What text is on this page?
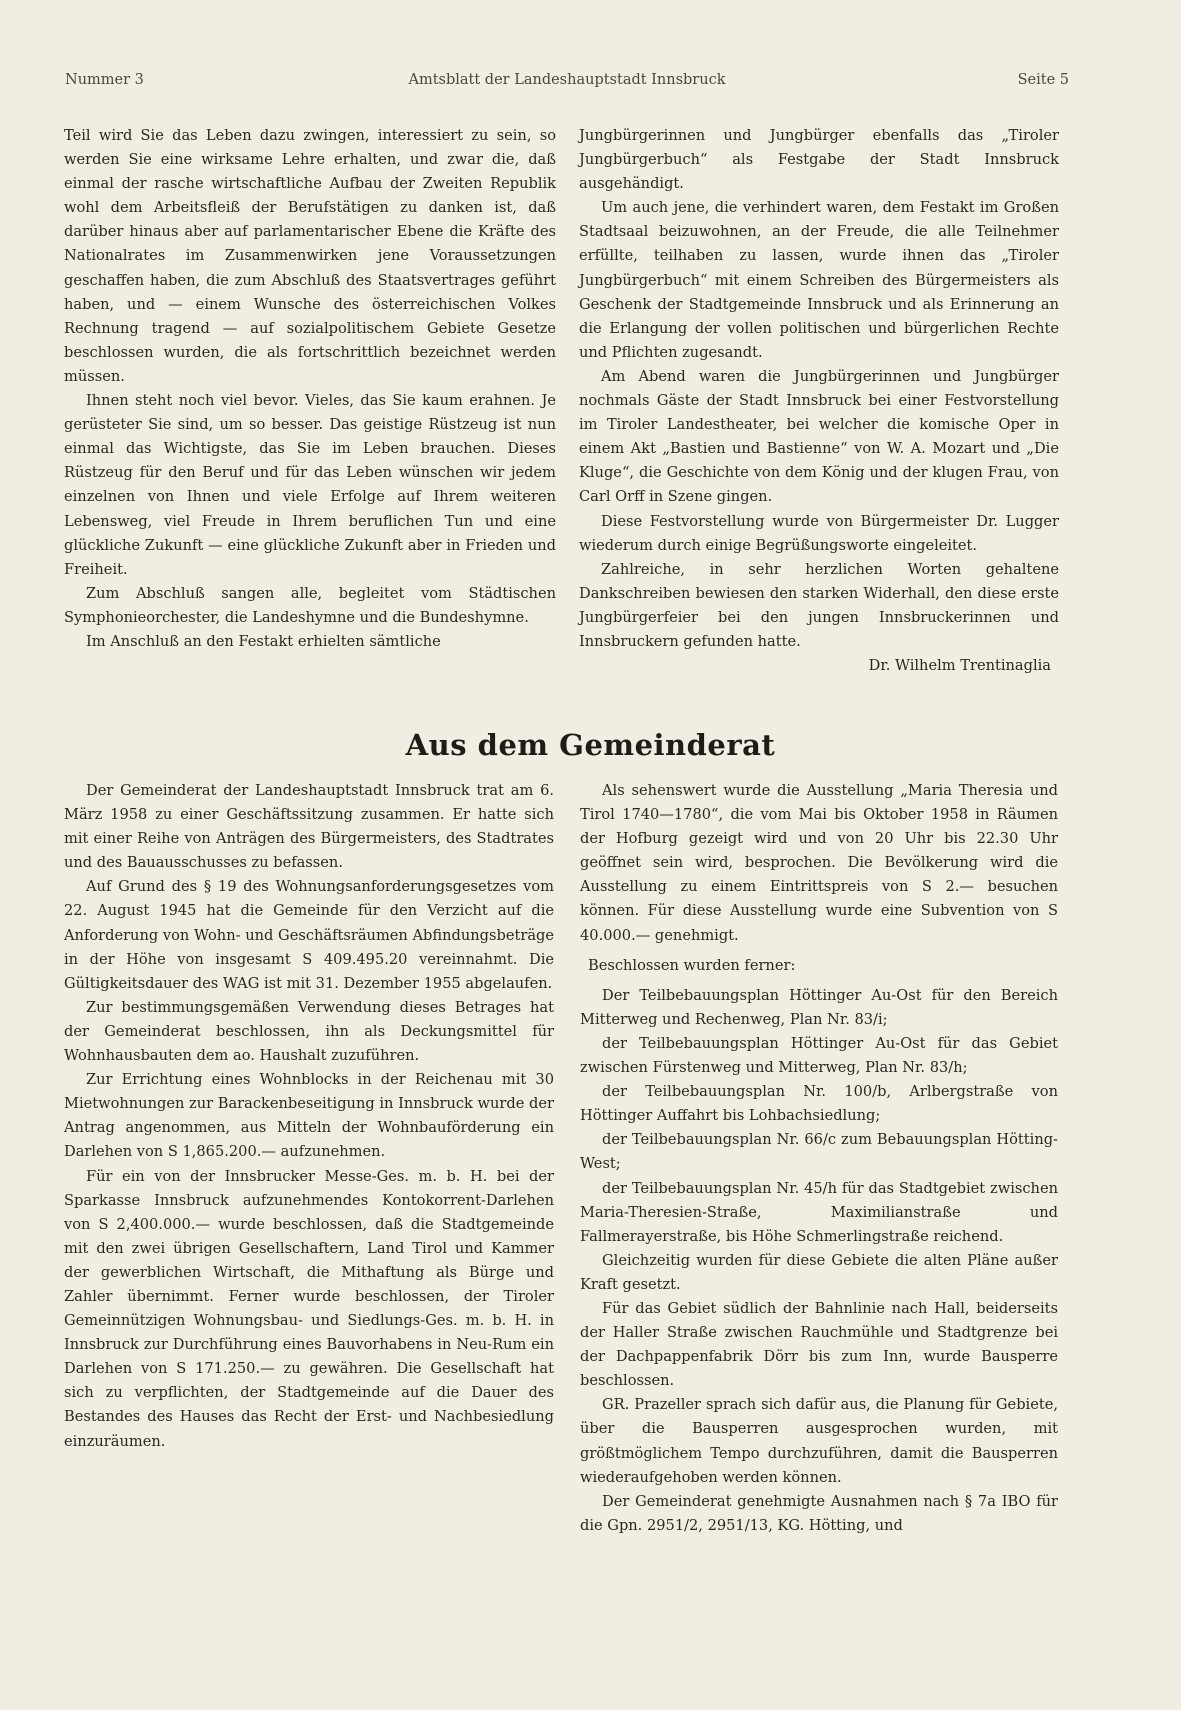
Nummer 3	Amtsblatt der Landeshauptstadt Innsbruck	Seite 5

Teil wird Sie das Leben dazu zwingen, interessiert zu sein, so werden Sie eine wirksame Lehre erhalten, und zwar die, daß einmal der rasche wirtschaftliche Aufbau der Zweiten Republik wohl dem Arbeitsfleiß der Berufstätigen zu danken ist, daß darüber hinaus aber auf parlamentarischer Ebene die Kräfte des Nationalrates im Zusammenwirken jene Voraussetzungen geschaffen haben, die zum Abschluß des Staatsvertrages geführt haben, und — einem Wunsche des österreichischen Volkes Rechnung tragend — auf sozialpolitischem Gebiete Gesetze beschlossen wurden, die als fortschrittlich bezeichnet werden müssen.

Ihnen steht noch viel bevor. Vieles, das Sie kaum erahnen. Je gerüsteter Sie sind, um so besser. Das geistige Rüstzeug ist nun einmal das Wichtigste, das Sie im Leben brauchen. Dieses Rüstzeug für den Beruf und für das Leben wünschen wir jedem einzelnen von Ihnen und viele Erfolge auf Ihrem weiteren Lebensweg, viel Freude in Ihrem beruflichen Tun und eine glückliche Zukunft — eine glückliche Zukunft aber in Frieden und Freiheit.

Zum Abschluß sangen alle, begleitet vom Städtischen Symphonieorchester, die Landeshymne und die Bundeshymne.

Im Anschluß an den Festakt erhielten sämtliche

Jungbürgerinnen und Jungbürger ebenfalls das „Tiroler Jungbürgerbuch“ als Festgabe der Stadt Innsbruck ausgehändigt.

Um auch jene, die verhindert waren, dem Festakt im Großen Stadtsaal beizuwohnen, an der Freude, die alle Teilnehmer erfüllte, teilhaben zu lassen, wurde ihnen das „Tiroler Jungbürgerbuch“ mit einem Schreiben des Bürgermeisters als Geschenk der Stadtgemeinde Innsbruck und als Erinnerung an die Erlangung der vollen politischen und bürgerlichen Rechte und Pflichten zugesandt.

Am Abend waren die Jungbürgerinnen und Jungbürger nochmals Gäste der Stadt Innsbruck bei einer Festvorstellung im Tiroler Landestheater, bei welcher die komische Oper in einem Akt „Bastien und Bastienne“ von W. A. Mozart und „Die Kluge“, die Geschichte von dem König und der klugen Frau, von Carl Orff in Szene gingen.

Diese Festvorstellung wurde von Bürgermeister Dr. Lugger wiederum durch einige Begrüßungsworte eingeleitet.

Zahlreiche, in sehr herzlichen Worten gehaltene Dankschreiben bewiesen den starken Widerhall, den diese erste Jungbürgerfeier bei den jungen Innsbruckerinnen und Innsbruckern gefunden hatte.

Dr. Wilhelm Trentinaglia

Aus dem Gemeinderat

Der Gemeinderat der Landeshauptstadt Innsbruck trat am 6. März 1958 zu einer Geschäftssitzung zusammen. Er hatte sich mit einer Reihe von Anträgen des Bürgermeisters, des Stadtrates und des Bauausschusses zu befassen.

Auf Grund des § 19 des Wohnungsanforderungsgesetzes vom 22. August 1945 hat die Gemeinde für den Verzicht auf die Anforderung von Wohn- und Geschäftsräumen Abfindungsbeträge in der Höhe von insgesamt S 409.495.20 vereinnahmt. Die Gültigkeitsdauer des WAG ist mit 31. Dezember 1955 abgelaufen.

Zur bestimmungsgemäßen Verwendung dieses Betrages hat der Gemeinderat beschlossen, ihn als Deckungsmittel für Wohnhausbauten dem ao. Haushalt zuzuführen.

Zur Errichtung eines Wohnblocks in der Reichenau mit 30 Mietwohnungen zur Barackenbeseitigung in Innsbruck wurde der Antrag angenommen, aus Mitteln der Wohnbauförderung ein Darlehen von S 1,865.200.— aufzunehmen.

Für ein von der Innsbrucker Messe-Ges. m. b. H. bei der Sparkasse Innsbruck aufzunehmendes Kontokorrent-Darlehen von S 2,400.000.— wurde beschlossen, daß die Stadtgemeinde mit den zwei übrigen Gesellschaftern, Land Tirol und Kammer der gewerblichen Wirtschaft, die Mithaftung als Bürge und Zahler übernimmt. Ferner wurde beschlossen, der Tiroler Gemeinnützigen Wohnungsbau- und Siedlungs-Ges. m. b. H. in Innsbruck zur Durchführung eines Bauvorhabens in Neu-Rum ein Darlehen von S 171.250.— zu gewähren. Die Gesellschaft hat sich zu verpflichten, der Stadtgemeinde auf die Dauer des Bestandes des Hauses das Recht der Erst- und Nachbesiedlung einzuräumen.

Als sehenswert wurde die Ausstellung „Maria Theresia und Tirol 1740—1780“, die vom Mai bis Oktober 1958 in Räumen der Hofburg gezeigt wird und von 20 Uhr bis 22.30 Uhr geöffnet sein wird, besprochen. Die Bevölkerung wird die Ausstellung zu einem Eintrittspreis von S 2.— besuchen können. Für diese Ausstellung wurde eine Subvention von S 40.000.— genehmigt.

Beschlossen wurden ferner:

Der Teilbebauungsplan Höttinger Au-Ost für den Bereich Mitterweg und Rechenweg, Plan Nr. 83/i;

der Teilbebauungsplan Höttinger Au-Ost für das Gebiet zwischen Fürstenweg und Mitterweg, Plan Nr. 83/h;

der Teilbebauungsplan Nr. 100/b, Arlbergstraße von Höttinger Auffahrt bis Lohbachsiedlung;

der Teilbebauungsplan Nr. 66/c zum Bebauungsplan Hötting-West;

der Teilbebauungsplan Nr. 45/h für das Stadtgebiet zwischen Maria-Theresien-Straße, Maximilianstraße und Fallmerayerstraße, bis Höhe Schmerlingstraße reichend.

Gleichzeitig wurden für diese Gebiete die alten Pläne außer Kraft gesetzt.

Für das Gebiet südlich der Bahnlinie nach Hall, beiderseits der Haller Straße zwischen Rauchmühle und Stadtgrenze bei der Dachpappenfabrik Dörr bis zum Inn, wurde Bausperre beschlossen.

GR. Prazeller sprach sich dafür aus, die Planung für Gebiete, über die Bausperren ausgesprochen wurden, mit größtmöglichem Tempo durchzuführen, damit die Bausperren wiederaufgehoben werden können.

Der Gemeinderat genehmigte Ausnahmen nach § 7a IBO für die Gpn. 2951/2, 2951/13, KG. Hötting, und
